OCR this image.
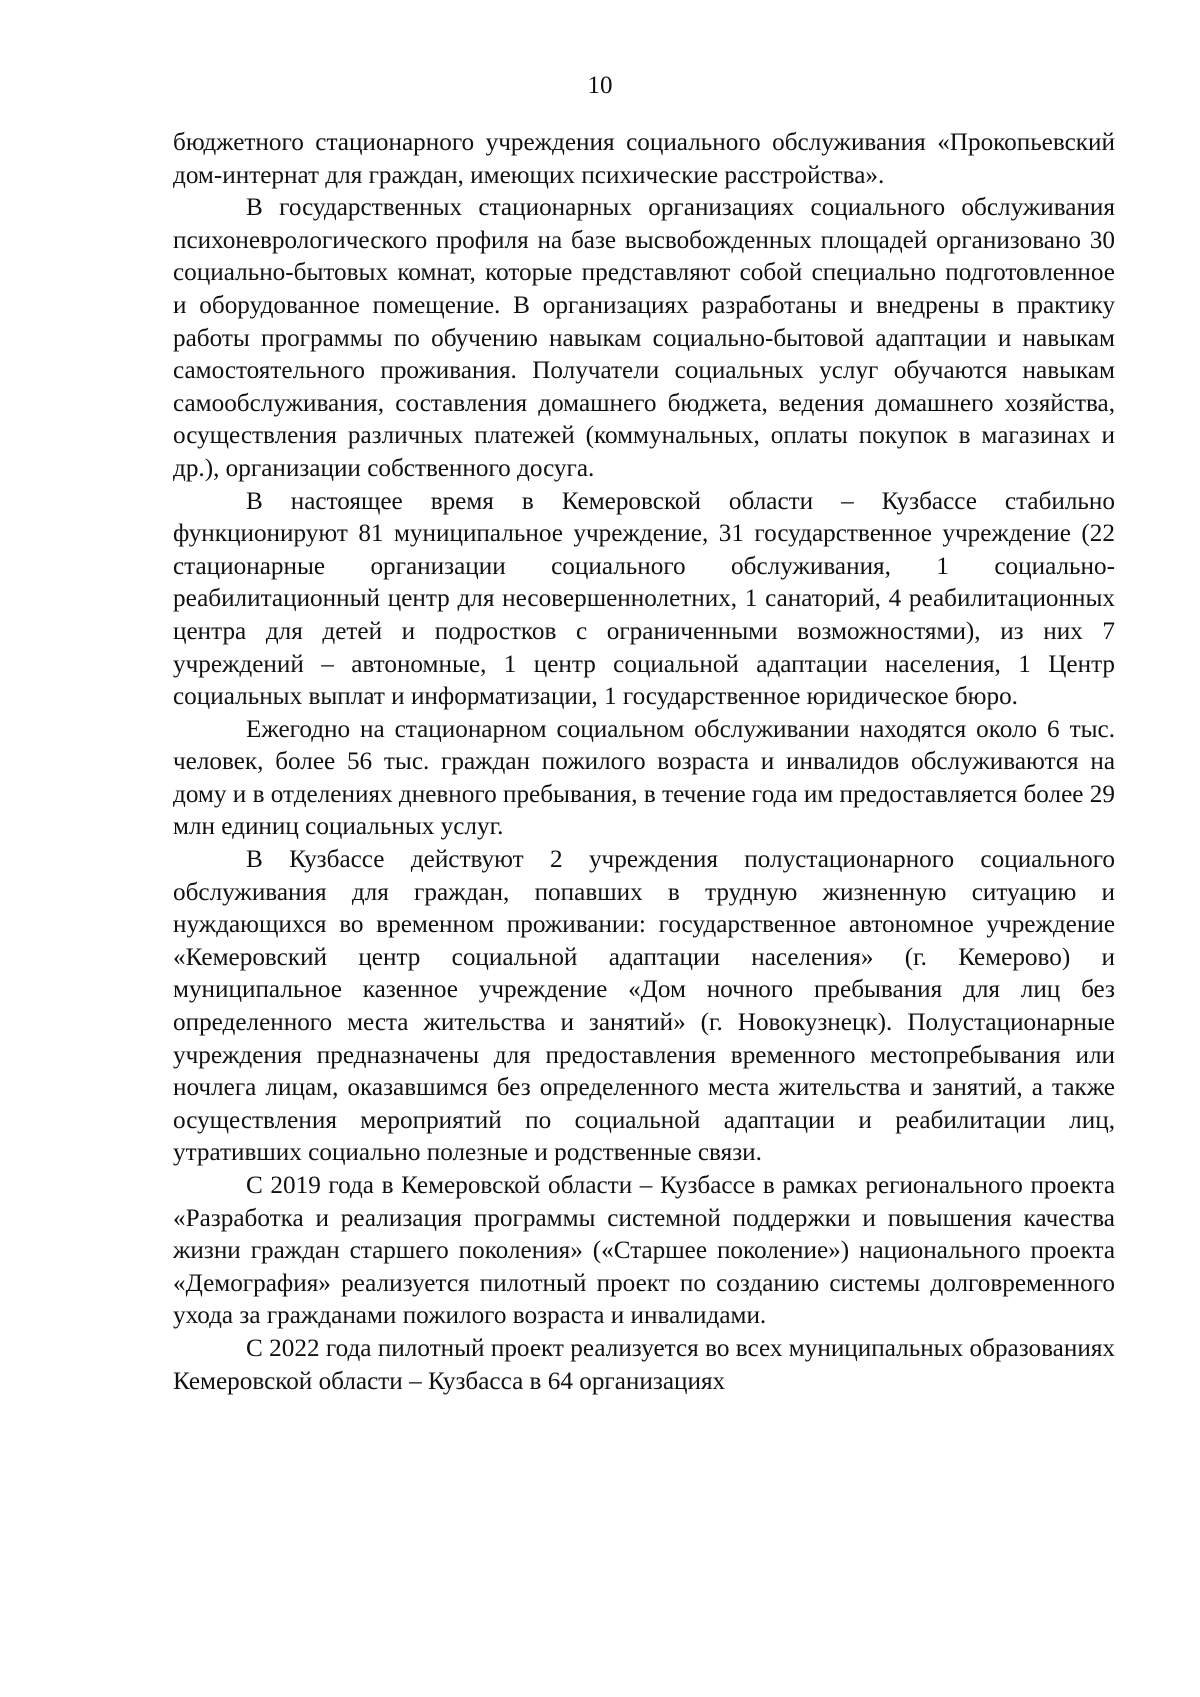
10

бюджетного стационарного учреждения социального обслуживания «Прокопьевский дом-интернат для граждан, имеющих психические расстройства».

В государственных стационарных организациях социального обслуживания психоневрологического профиля на базе высвобожденных площадей организовано 30 социально-бытовых комнат, которые представляют собой специально подготовленное и оборудованное помещение. В организациях разработаны и внедрены в практику работы программы по обучению навыкам социально-бытовой адаптации и навыкам самостоятельного проживания. Получатели социальных услуг обучаются навыкам самообслуживания, составления домашнего бюджета, ведения домашнего хозяйства, осуществления различных платежей (коммунальных, оплаты покупок в магазинах и др.), организации собственного досуга.

В настоящее время в Кемеровской области – Кузбассе стабильно функционируют 81 муниципальное учреждение, 31 государственное учреждение (22 стационарные организации социального обслуживания, 1 социально-реабилитационный центр для несовершеннолетних, 1 санаторий, 4 реабилитационных центра для детей и подростков с ограниченными возможностями), из них 7 учреждений – автономные, 1 центр социальной адаптации населения, 1 Центр социальных выплат и информатизации, 1 государственное юридическое бюро.

Ежегодно на стационарном социальном обслуживании находятся около 6 тыс. человек, более 56 тыс. граждан пожилого возраста и инвалидов обслуживаются на дому и в отделениях дневного пребывания, в течение года им предоставляется более 29 млн единиц социальных услуг.

В Кузбассе действуют 2 учреждения полустационарного социального обслуживания для граждан, попавших в трудную жизненную ситуацию и нуждающихся во временном проживании: государственное автономное учреждение «Кемеровский центр социальной адаптации населения» (г. Кемерово) и муниципальное казенное учреждение «Дом ночного пребывания для лиц без определенного места жительства и занятий» (г. Новокузнецк). Полустационарные учреждения предназначены для предоставления временного местопребывания или ночлега лицам, оказавшимся без определенного места жительства и занятий, а также осуществления мероприятий по социальной адаптации и реабилитации лиц, утративших социально полезные и родственные связи.

С 2019 года в Кемеровской области – Кузбассе в рамках регионального проекта «Разработка и реализация программы системной поддержки и повышения качества жизни граждан старшего поколения» («Старшее поколение») национального проекта «Демография» реализуется пилотный проект по созданию системы долговременного ухода за гражданами пожилого возраста и инвалидами.

С 2022 года пилотный проект реализуется во всех муниципальных образованиях Кемеровской области – Кузбасса в 64 организациях
